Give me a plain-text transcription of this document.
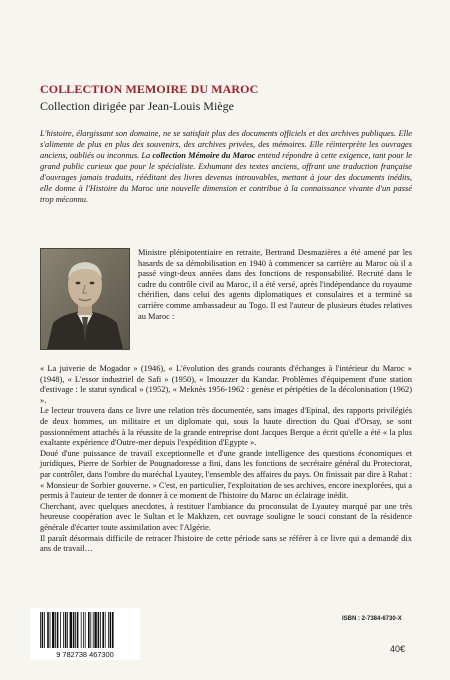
COLLECTION MEMOIRE DU MAROC
Collection dirigée par Jean-Louis Miège

L'histoire, élargissant son domaine, ne se satisfait plus des documents officiels et des archives publiques. Elle s'alimente de plus en plus des souvenirs, des archives privées, des mémoires. Elle réinterprète les ouvrages anciens, oubliés ou inconnus. La collection Mémoire du Maroc entend répondre à cette exigence, tant pour le grand public curieux que pour le spécialiste. Exhumant des textes anciens, offrant une traduction française d'ouvrages jamais traduits, rééditant des livres devenus introuvables, mettant à jour des documents inédits, elle donne à l'Histoire du Maroc une nouvelle dimension et contribue à la connaissance vivante d'un passé trop méconnu.

Ministre plénipotentiaire en retraite, Bertrand Desmazières a été amené par les hasards de sa démobilisation en 1940 à commencer sa carrière au Maroc où il a passé vingt-deux années dans des fonctions de responsabilité. Recruté dans le cadre du contrôle civil au Maroc, il a été versé, après l'indépendance du royaume chérifien, dans celui des agents diplomatiques et consulaires et a terminé sa carrière comme ambassadeur au Togo. Il est l'auteur de plusieurs études relatives au Maroc :

« La juiverie de Mogador » (1946), « L'évolution des grands courants d'échanges à l'intérieur du Maroc » (1948), « L'essor industriel de Safi » (1950), « Imouzzer du Kandar. Problèmes d'équipement d'une station d'estivage : le statut syndical » (1952), « Meknès 1956-1962 : genèse et péripéties de la décolonisation (1962) ».

Le lecteur trouvera dans ce livre une relation très documentée, sans images d'Epinal, des rapports privilégiés de deux hommes, un militaire et un diplomate qui, sous la haute direction du Quai d'Orsay, se sont passionnément attachés à la réussite de la grande entreprise dont Jacques Berque a écrit qu'elle a été « la plus exaltante expérience d'Outre-mer depuis l'expédition d'Egypte ».

Doué d'une puissance de travail exceptionnelle et d'une grande intelligence des questions économiques et juridiques, Pierre de Sorbier de Pougnadoresse a fini, dans les fonctions de secrétaire général du Protectorat, par contrôler, dans l'ombre du maréchal Lyautey, l'ensemble des affaires du pays. On finissait par dire à Rabat : « Monsieur de Sorbier gouverne. » C'est, en particulier, l'exploitation de ses archives, encore inexplorées, qui a permis à l'auteur de tenter de donner à ce moment de l'histoire du Maroc un éclairage inédit.

Cherchant, avec quelques anecdotes, à restituer l'ambiance du proconsulat de Lyautey marqué par une très heureuse coopération avec le Sultan et le Makhzen, cet ouvrage souligne le souci constant de la résidence générale d'écarter toute assimilation avec l'Algérie.

Il paraît désormais difficile de retracer l'histoire de cette période sans se référer à ce livre qui a demandé dix ans de travail…

ISBN : 2-7384-6730-X
9 782738 467300
40€
